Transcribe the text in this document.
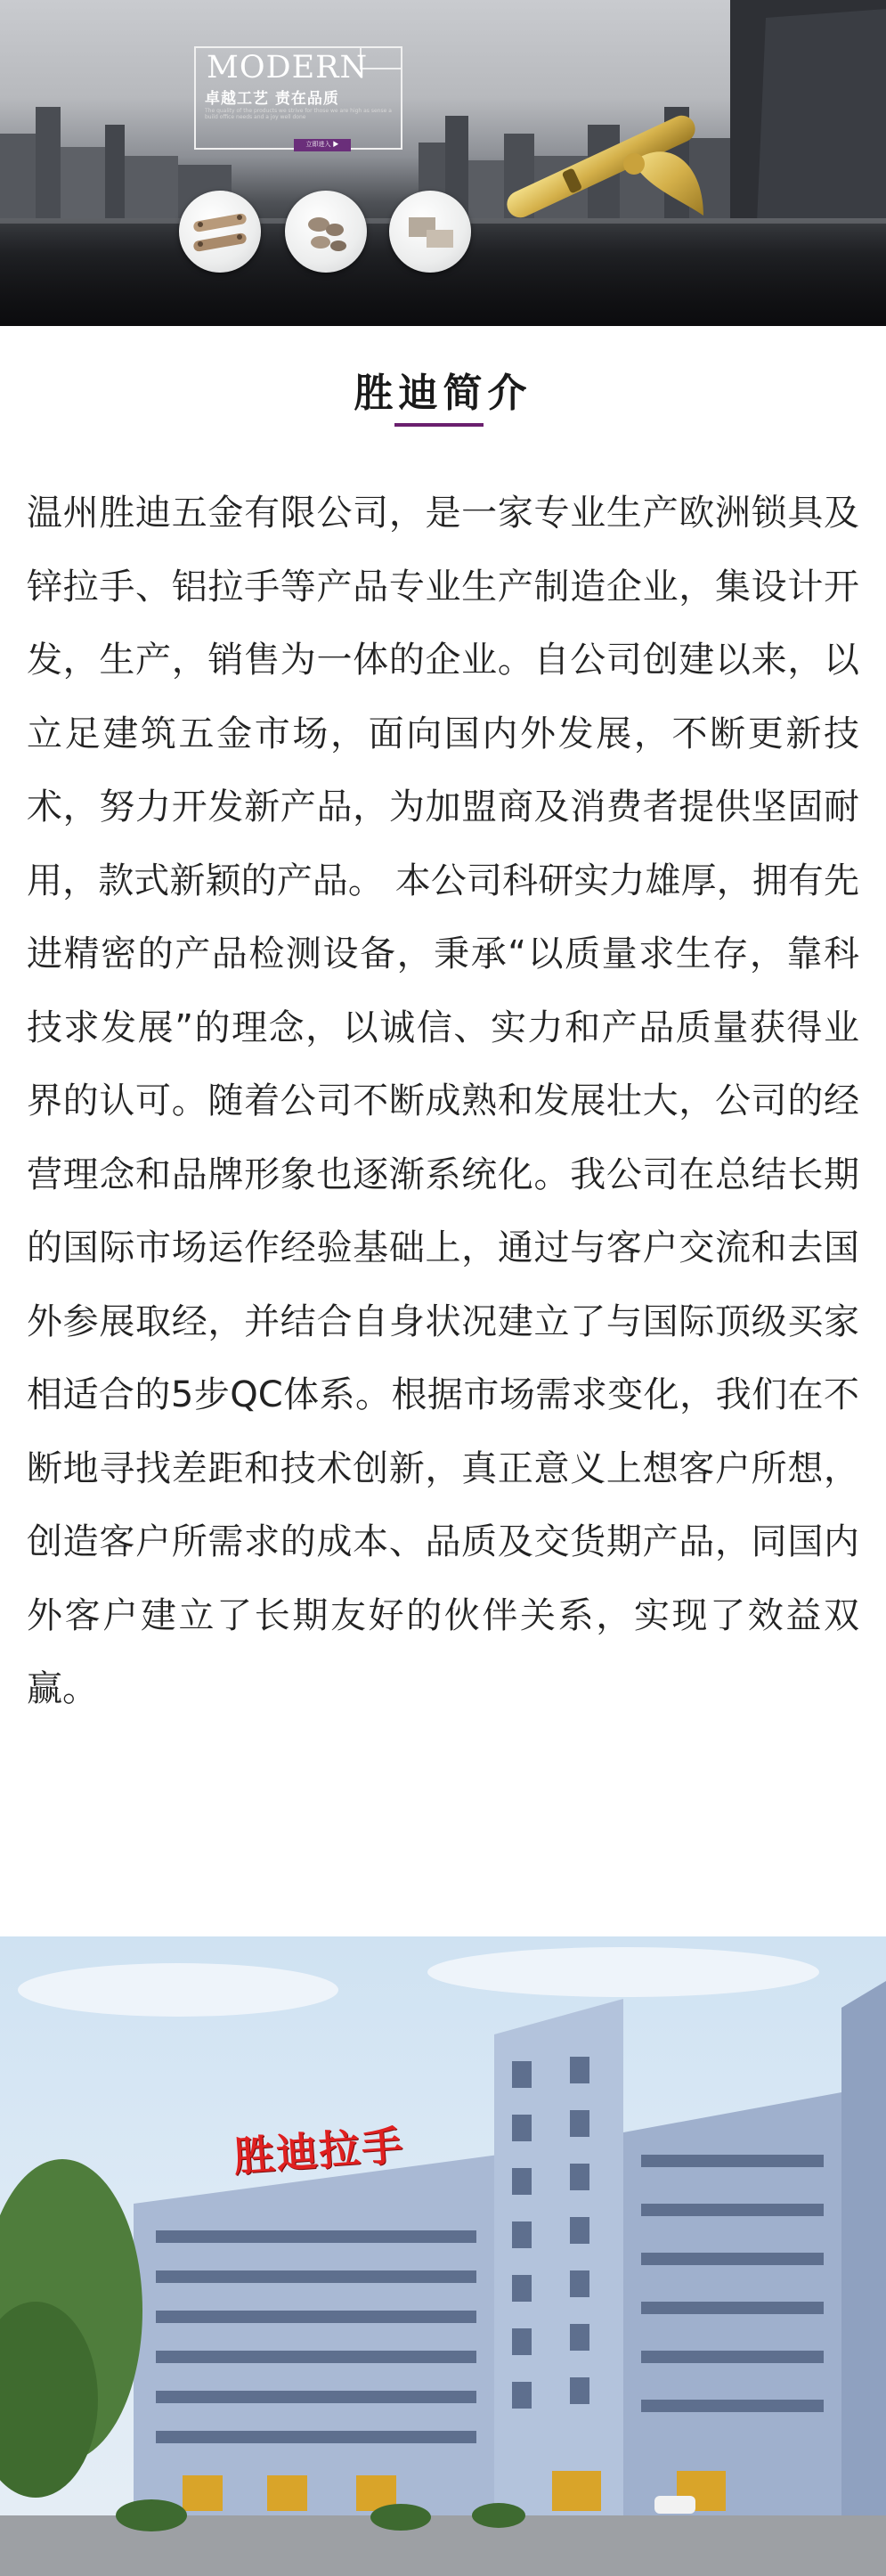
MODERN
卓越工艺 责在品质
The quality of the products we strive for those we are high as sense a build office needs and a joy well done
立即进入 ▶
胜迪简介

温州胜迪五金有限公司，是一家专业生产欧洲锁具及锌拉手、铝拉手等产品专业生产制造企业，集设计开发，生产，销售为一体的企业。自公司创建以来，以立足建筑五金市场，面向国内外发展，不断更新技术，努力开发新产品，为加盟商及消费者提供坚固耐用，款式新颖的产品。 本公司科研实力雄厚，拥有先进精密的产品检测设备，秉承“以质量求生存，靠科技求发展”的理念，以诚信、实力和产品质量获得业界的认可。随着公司不断成熟和发展壮大，公司的经营理念和品牌形象也逐渐系统化。我公司在总结长期的国际市场运作经验基础上，通过与客户交流和去国外参展取经，并结合自身状况建立了与国际顶级买家相适合的5步QC体系。根据市场需求变化，我们在不断地寻找差距和技术创新，真正意义上想客户所想，创造客户所需求的成本、品质及交货期产品，同国内外客户建立了长期友好的伙伴关系，实现了效益双赢。

胜迪拉手
